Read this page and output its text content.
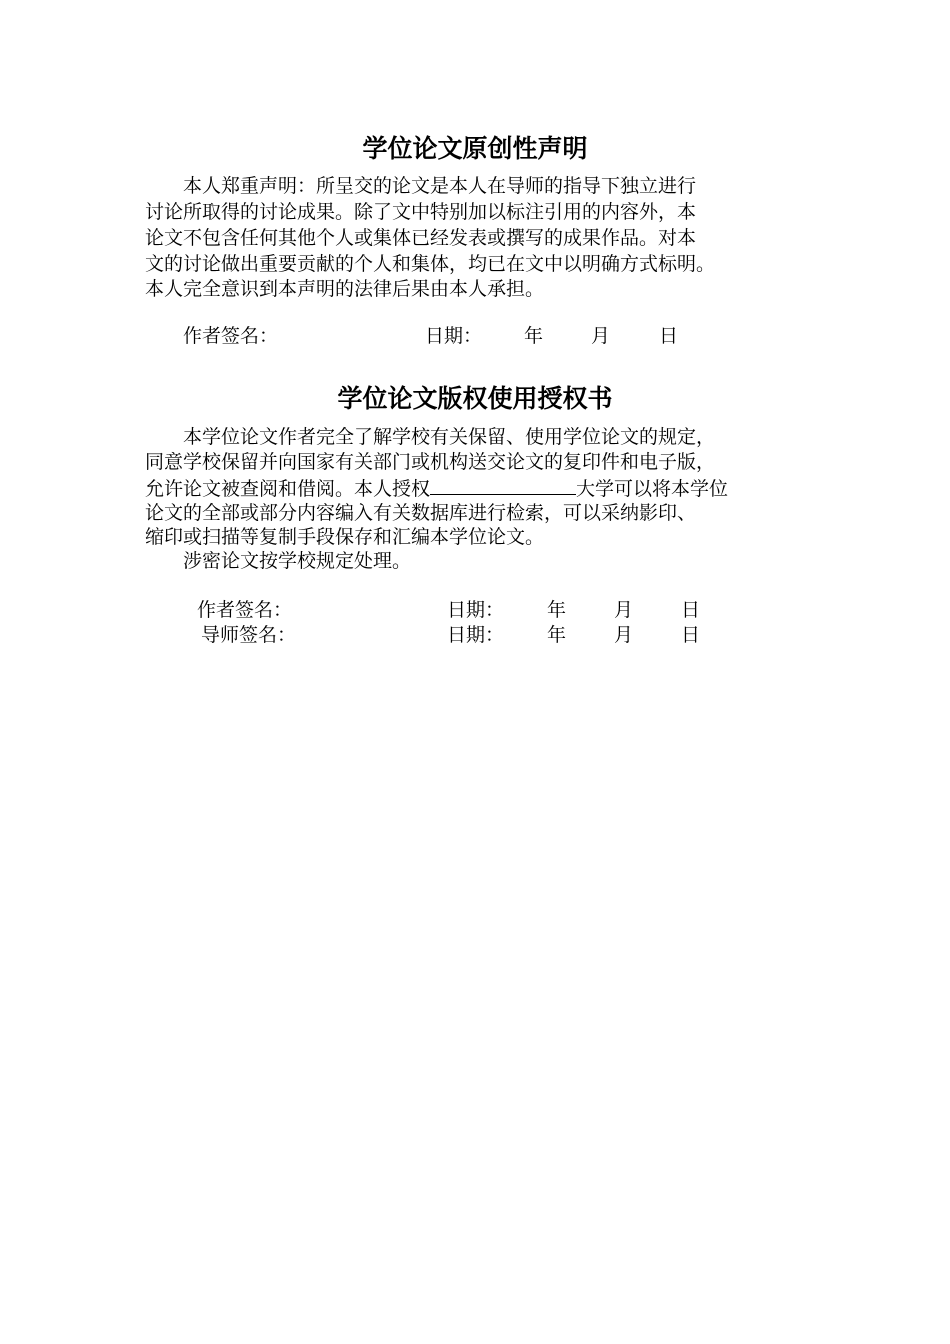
学位论文原创性声明
本人郑重声明：所呈交的论文是本人在导师的指导下独立进行
讨论所取得的讨论成果。除了文中特别加以标注引用的内容外，本
论文不包含任何其他个人或集体已经发表或撰写的成果作品。对本
文的讨论做出重要贡献的个人和集体，均已在文中以明确方式标明。
本人完全意识到本声明的法律后果由本人承担。
作者签名：	日期： 年	月	日
学位论文版权使用授权书
本学位论文作者完全了解学校有关保留、使用学位论文的规定，
同意学校保留并向国家有关部门或机构送交论文的复印件和电子版，
允许论文被查阅和借阅。本人授权	大学可以将本学位
论文的全部或部分内容编入有关数据库进行检索，可以采纳影印、
缩印或扫描等复制手段保存和汇编本学位论文。
涉密论文按学校规定处理。
作者签名：	日期： 年	月	日
导师签名：	日期： 年	月	日
